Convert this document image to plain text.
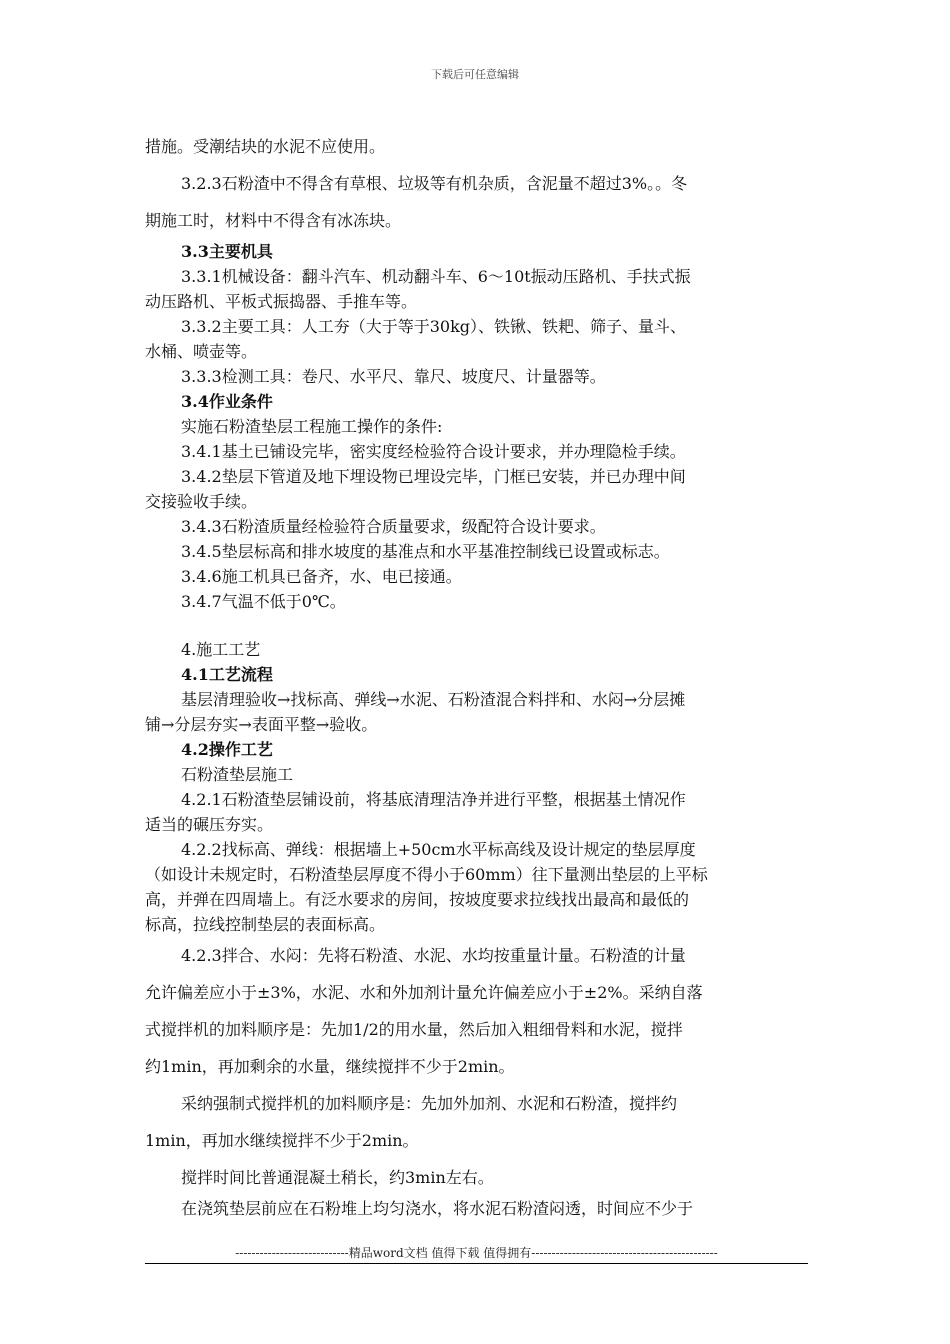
下载后可任意编辑

措施。受潮结块的水泥不应使用。

3.2.3石粉渣中不得含有草根、垃圾等有机杂质，含泥量不超过3%。。冬

期施工时，材料中不得含有冰冻块。

3.3主要机具

3.3.1机械设备：翻斗汽车、机动翻斗车、6～10t振动压路机、手扶式振

动压路机、平板式振捣器、手推车等。

3.3.2主要工具：人工夯（大于等于30kg）、铁锹、铁耙、筛子、量斗、

水桶、喷壶等。

3.3.3检测工具：卷尺、水平尺、靠尺、坡度尺、计量器等。

3.4作业条件

实施石粉渣垫层工程施工操作的条件:

3.4.1基土已铺设完毕，密实度经检验符合设计要求，并办理隐检手续。

3.4.2垫层下管道及地下埋设物已埋设完毕，门框已安装，并已办理中间

交接验收手续。

3.4.3石粉渣质量经检验符合质量要求，级配符合设计要求。

3.4.5垫层标高和排水坡度的基准点和水平基准控制线已设置或标志。

3.4.6施工机具已备齐，水、电已接通。

3.4.7气温不低于0℃。

4.施工工艺

4.1工艺流程

基层清理验收→找标高、弹线→水泥、石粉渣混合料拌和、水闷→分层摊

铺→分层夯实→表面平整→验收。

4.2操作工艺

石粉渣垫层施工

4.2.1石粉渣垫层铺设前，将基底清理洁净并进行平整，根据基土情况作

适当的碾压夯实。

4.2.2找标高、弹线：根据墙上+50cm水平标高线及设计规定的垫层厚度

（如设计未规定时，石粉渣垫层厚度不得小于60mm）往下量测出垫层的上平标

高，并弹在四周墙上。有泛水要求的房间，按坡度要求拉线找出最高和最低的

标高，拉线控制垫层的表面标高。

4.2.3拌合、水闷：先将石粉渣、水泥、水均按重量计量。石粉渣的计量

允许偏差应小于±3%，水泥、水和外加剂计量允许偏差应小于±2%。采纳自落

式搅拌机的加料顺序是：先加1/2的用水量，然后加入粗细骨料和水泥，搅拌

约1min，再加剩余的水量，继续搅拌不少于2min。

采纳强制式搅拌机的加料顺序是：先加外加剂、水泥和石粉渣，搅拌约

1min，再加水继续搅拌不少于2min。

搅拌时间比普通混凝土稍长，约3min左右。

在浇筑垫层前应在石粉堆上均匀浇水，将水泥石粉渣闷透，时间应不少于

----------------------------精品word文档 值得下载 值得拥有----------------------------------------------
